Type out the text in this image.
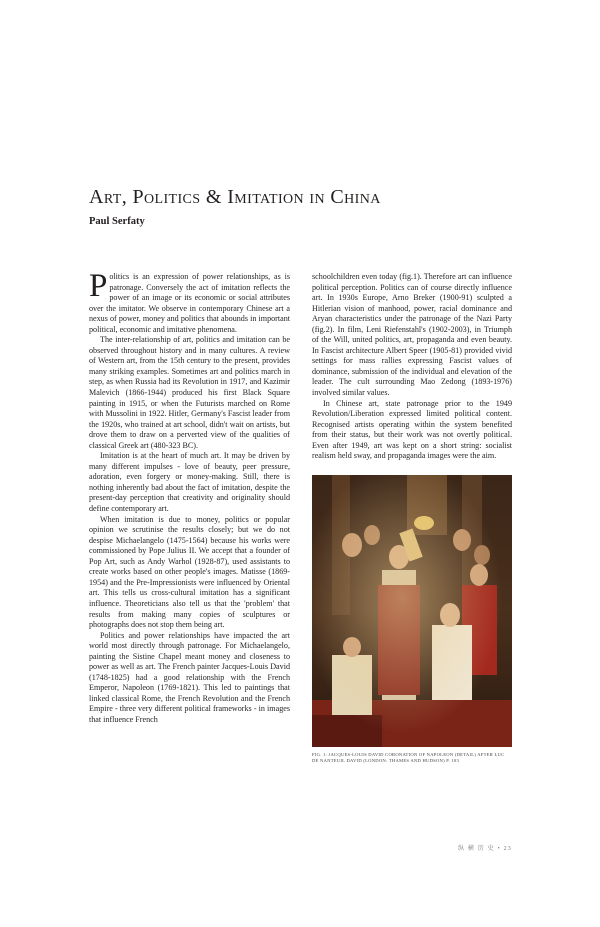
Art, Politics & Imitation in China
Paul Serfaty

Politics is an expression of power relationships, as is patronage. Conversely the act of imitation reflects the power of an image or its economic or social attributes over the imitator. We observe in contemporary Chinese art a nexus of power, money and politics that abounds in important political, economic and imitative phenomena.

The inter-relationship of art, politics and imitation can be observed throughout history and in many cultures. A review of Western art, from the 15th century to the present, provides many striking examples. Sometimes art and politics march in step, as when Russia had its Revolution in 1917, and Kazimir Malevich (1866-1944) produced his first Black Square painting in 1915, or when the Futurists marched on Rome with Mussolini in 1922. Hitler, Germany's Fascist leader from the 1920s, who trained at art school, didn't wait on artists, but drove them to draw on a perverted view of the qualities of classical Greek art (480-323 BC).

Imitation is at the heart of much art. It may be driven by many different impulses - love of beauty, peer pressure, adoration, even forgery or money-making. Still, there is nothing inherently bad about the fact of imitation, despite the present-day perception that creativity and originality should define contemporary art.

When imitation is due to money, politics or popular opinion we scrutinise the results closely; but we do not despise Michaelangelo (1475-1564) because his works were commissioned by Pope Julius II. We accept that a founder of Pop Art, such as Andy Warhol (1928-87), used assistants to create works based on other people's images. Matisse (1869-1954) and the Pre-Impressionists were influenced by Oriental art. This tells us cross-cultural imitation has a significant influence. Theoreticians also tell us that the 'problem' that results from making many copies of sculptures or photographs does not stop them being art.

Politics and power relationships have impacted the art world most directly through patronage. For Michaelangelo, painting the Sistine Chapel meant money and closeness to power as well as art. The French painter Jacques-Louis David (1748-1825) had a good relationship with the French Emperor, Napoleon (1769-1821). This led to paintings that linked classical Rome, the French Revolution and the French Empire - three very different political frameworks - in images that influence French

schoolchildren even today (fig.1). Therefore art can influence political perception. Politics can of course directly influence art. In 1930s Europe, Arno Breker (1900-91) sculpted a Hitlerian vision of manhood, power, racial dominance and Aryan characteristics under the patronage of the Nazi Party (fig.2). In film, Leni Riefenstahl's (1902-2003), in Triumph of the Will, united politics, art, propaganda and even beauty. In Fascist architecture Albert Speer (1905-81) provided vivid settings for mass rallies expressing Fascist values of dominance, submission of the individual and elevation of the leader. The cult surrounding Mao Zedong (1893-1976) involved similar values.

In Chinese art, state patronage prior to the 1949 Revolution/Liberation expressed limited political content. Recognised artists operating within the system benefited from their status, but their work was not overtly political. Even after 1949, art was kept on a short string: socialist realism held sway, and propaganda images were the aim.

FIG. 1: JACQUES-LOUIS DAVID CORONATION OF NAPOLEON (DETAIL) AFTER LUC DE NANTEUIL DAVID (LONDON: THAMES AND HUDSON) P. 103
纵 横 历 史 • 23
